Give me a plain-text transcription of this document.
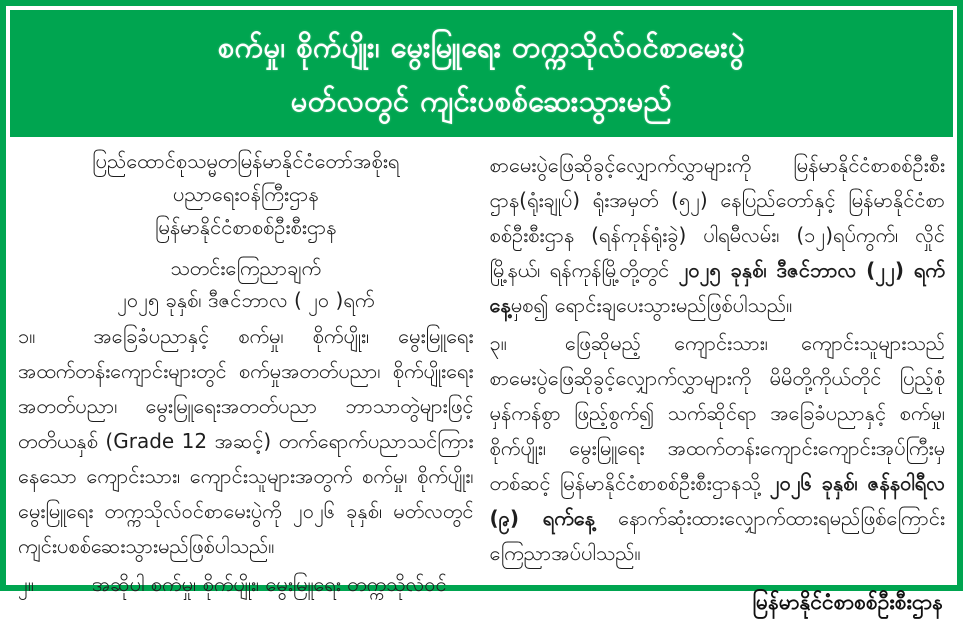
စက်မှု၊ စိုက်ပျိုး၊ မွေးမြူရေး တက္ကသိုလ်ဝင်စာမေးပွဲ
မတ်လတွင် ကျင်းပစစ်ဆေးသွားမည်
ပြည်ထောင်စုသမ္မတမြန်မာနိုင်ငံတော်အစိုးရ
ပညာရေးဝန်ကြီးဌာန
မြန်မာနိုင်ငံစာစစ်ဦးစီးဌာန
သတင်းကြေညာချက်
၂၀၂၅ ခုနှစ်၊ ဒီဇင်ဘာလ ( ၂၀ )ရက်

၁။	အခြေခံပညာနှင့် စက်မှု၊ စိုက်ပျိုး၊ မွေးမြူရေး အထက်တန်းကျောင်းများတွင် စက်မှုအတတ်ပညာ၊ စိုက်ပျိုးရေးအတတ်ပညာ၊ မွေးမြူရေးအတတ်ပညာ ဘာသာတွဲများဖြင့် တတိယနှစ် (Grade 12 အဆင့်) တက်ရောက်ပညာသင်ကြားနေသော ကျောင်းသား၊ ကျောင်းသူများအတွက် စက်မှု၊ စိုက်ပျိုး၊ မွေးမြူရေး တက္ကသိုလ်ဝင်စာမေးပွဲကို ၂၀၂၆ ခုနှစ်၊ မတ်လတွင် ကျင်းပစစ်ဆေးသွားမည်ဖြစ်ပါသည်။

၂။	အဆိုပါ စက်မှု၊ စိုက်ပျိုး၊ မွေးမြူရေး တက္ကသိုလ်ဝင်

စာမေးပွဲဖြေဆိုခွင့်လျှောက်လွှာများကို မြန်မာနိုင်ငံစာစစ်ဦးစီးဌာန(ရုံးချုပ်) ရုံးအမှတ် (၅၂) နေပြည်တော်နှင့် မြန်မာနိုင်ငံစာစစ်ဦးစီးဌာန (ရန်ကုန်ရုံးခွဲ) ပါရမီလမ်း၊ (၁၂)ရပ်ကွက်၊ လှိုင်မြို့နယ်၊ ရန်ကုန်မြို့တို့တွင် ၂၀၂၅ ခုနှစ်၊ ဒီဇင်ဘာလ (၂၂) ရက်နေ့မှစ၍ ရောင်းချပေးသွားမည်ဖြစ်ပါသည်။

၃။	ဖြေဆိုမည့် ကျောင်းသား၊ ကျောင်းသူများသည် စာမေးပွဲဖြေဆိုခွင့်လျှောက်လွှာများကို မိမိတို့ကိုယ်တိုင် ပြည့်စုံမှန်ကန်စွာ ဖြည့်စွက်၍ သက်ဆိုင်ရာ အခြေခံပညာနှင့် စက်မှု၊ စိုက်ပျိုး၊ မွေးမြူရေး အထက်တန်းကျောင်းကျောင်းအုပ်ကြီးမှတစ်ဆင့် မြန်မာနိုင်ငံစာစစ်ဦးစီးဌာနသို့ ၂၀၂၆ ခုနှစ်၊ ဇန်နဝါရီလ (၉) ရက်နေ့ နောက်ဆုံးထားလျှောက်ထားရမည်ဖြစ်ကြောင်း ကြေညာအပ်ပါသည်။

မြန်မာနိုင်ငံစာစစ်ဦးစီးဌာန
